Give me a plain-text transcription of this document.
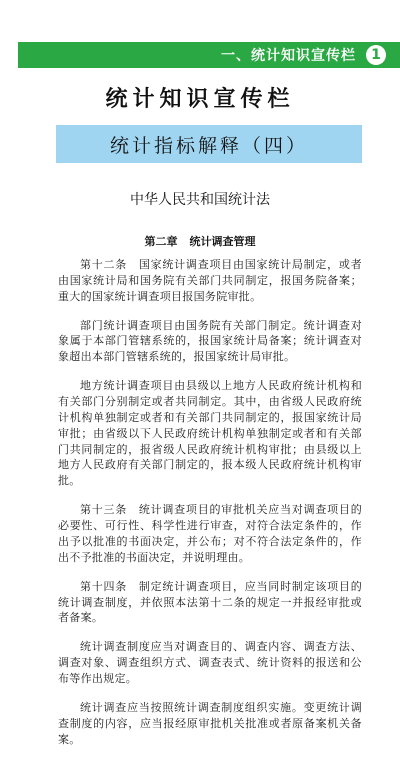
一、统计知识宣传栏	1
统计知识宣传栏
统计指标解释（四）
中华人民共和国统计法
第二章 统计调查管理

第十二条　国家统计调查项目由国家统计局制定，或者由国家统计局和国务院有关部门共同制定，报国务院备案；重大的国家统计调查项目报国务院审批。

部门统计调查项目由国务院有关部门制定。统计调查对象属于本部门管辖系统的，报国家统计局备案；统计调查对象超出本部门管辖系统的，报国家统计局审批。

地方统计调查项目由县级以上地方人民政府统计机构和有关部门分别制定或者共同制定。其中，由省级人民政府统计机构单独制定或者和有关部门共同制定的，报国家统计局审批；由省级以下人民政府统计机构单独制定或者和有关部门共同制定的，报省级人民政府统计机构审批；由县级以上地方人民政府有关部门制定的，报本级人民政府统计机构审批。

第十三条　统计调查项目的审批机关应当对调查项目的必要性、可行性、科学性进行审查，对符合法定条件的，作出予以批准的书面决定，并公布；对不符合法定条件的，作出不予批准的书面决定，并说明理由。

第十四条　制定统计调查项目，应当同时制定该项目的统计调查制度，并依照本法第十二条的规定一并报经审批或者备案。

统计调查制度应当对调查目的、调查内容、调查方法、调查对象、调查组织方式、调查表式、统计资料的报送和公布等作出规定。

统计调查应当按照统计调查制度组织实施。变更统计调查制度的内容，应当报经原审批机关批准或者原备案机关备案。
